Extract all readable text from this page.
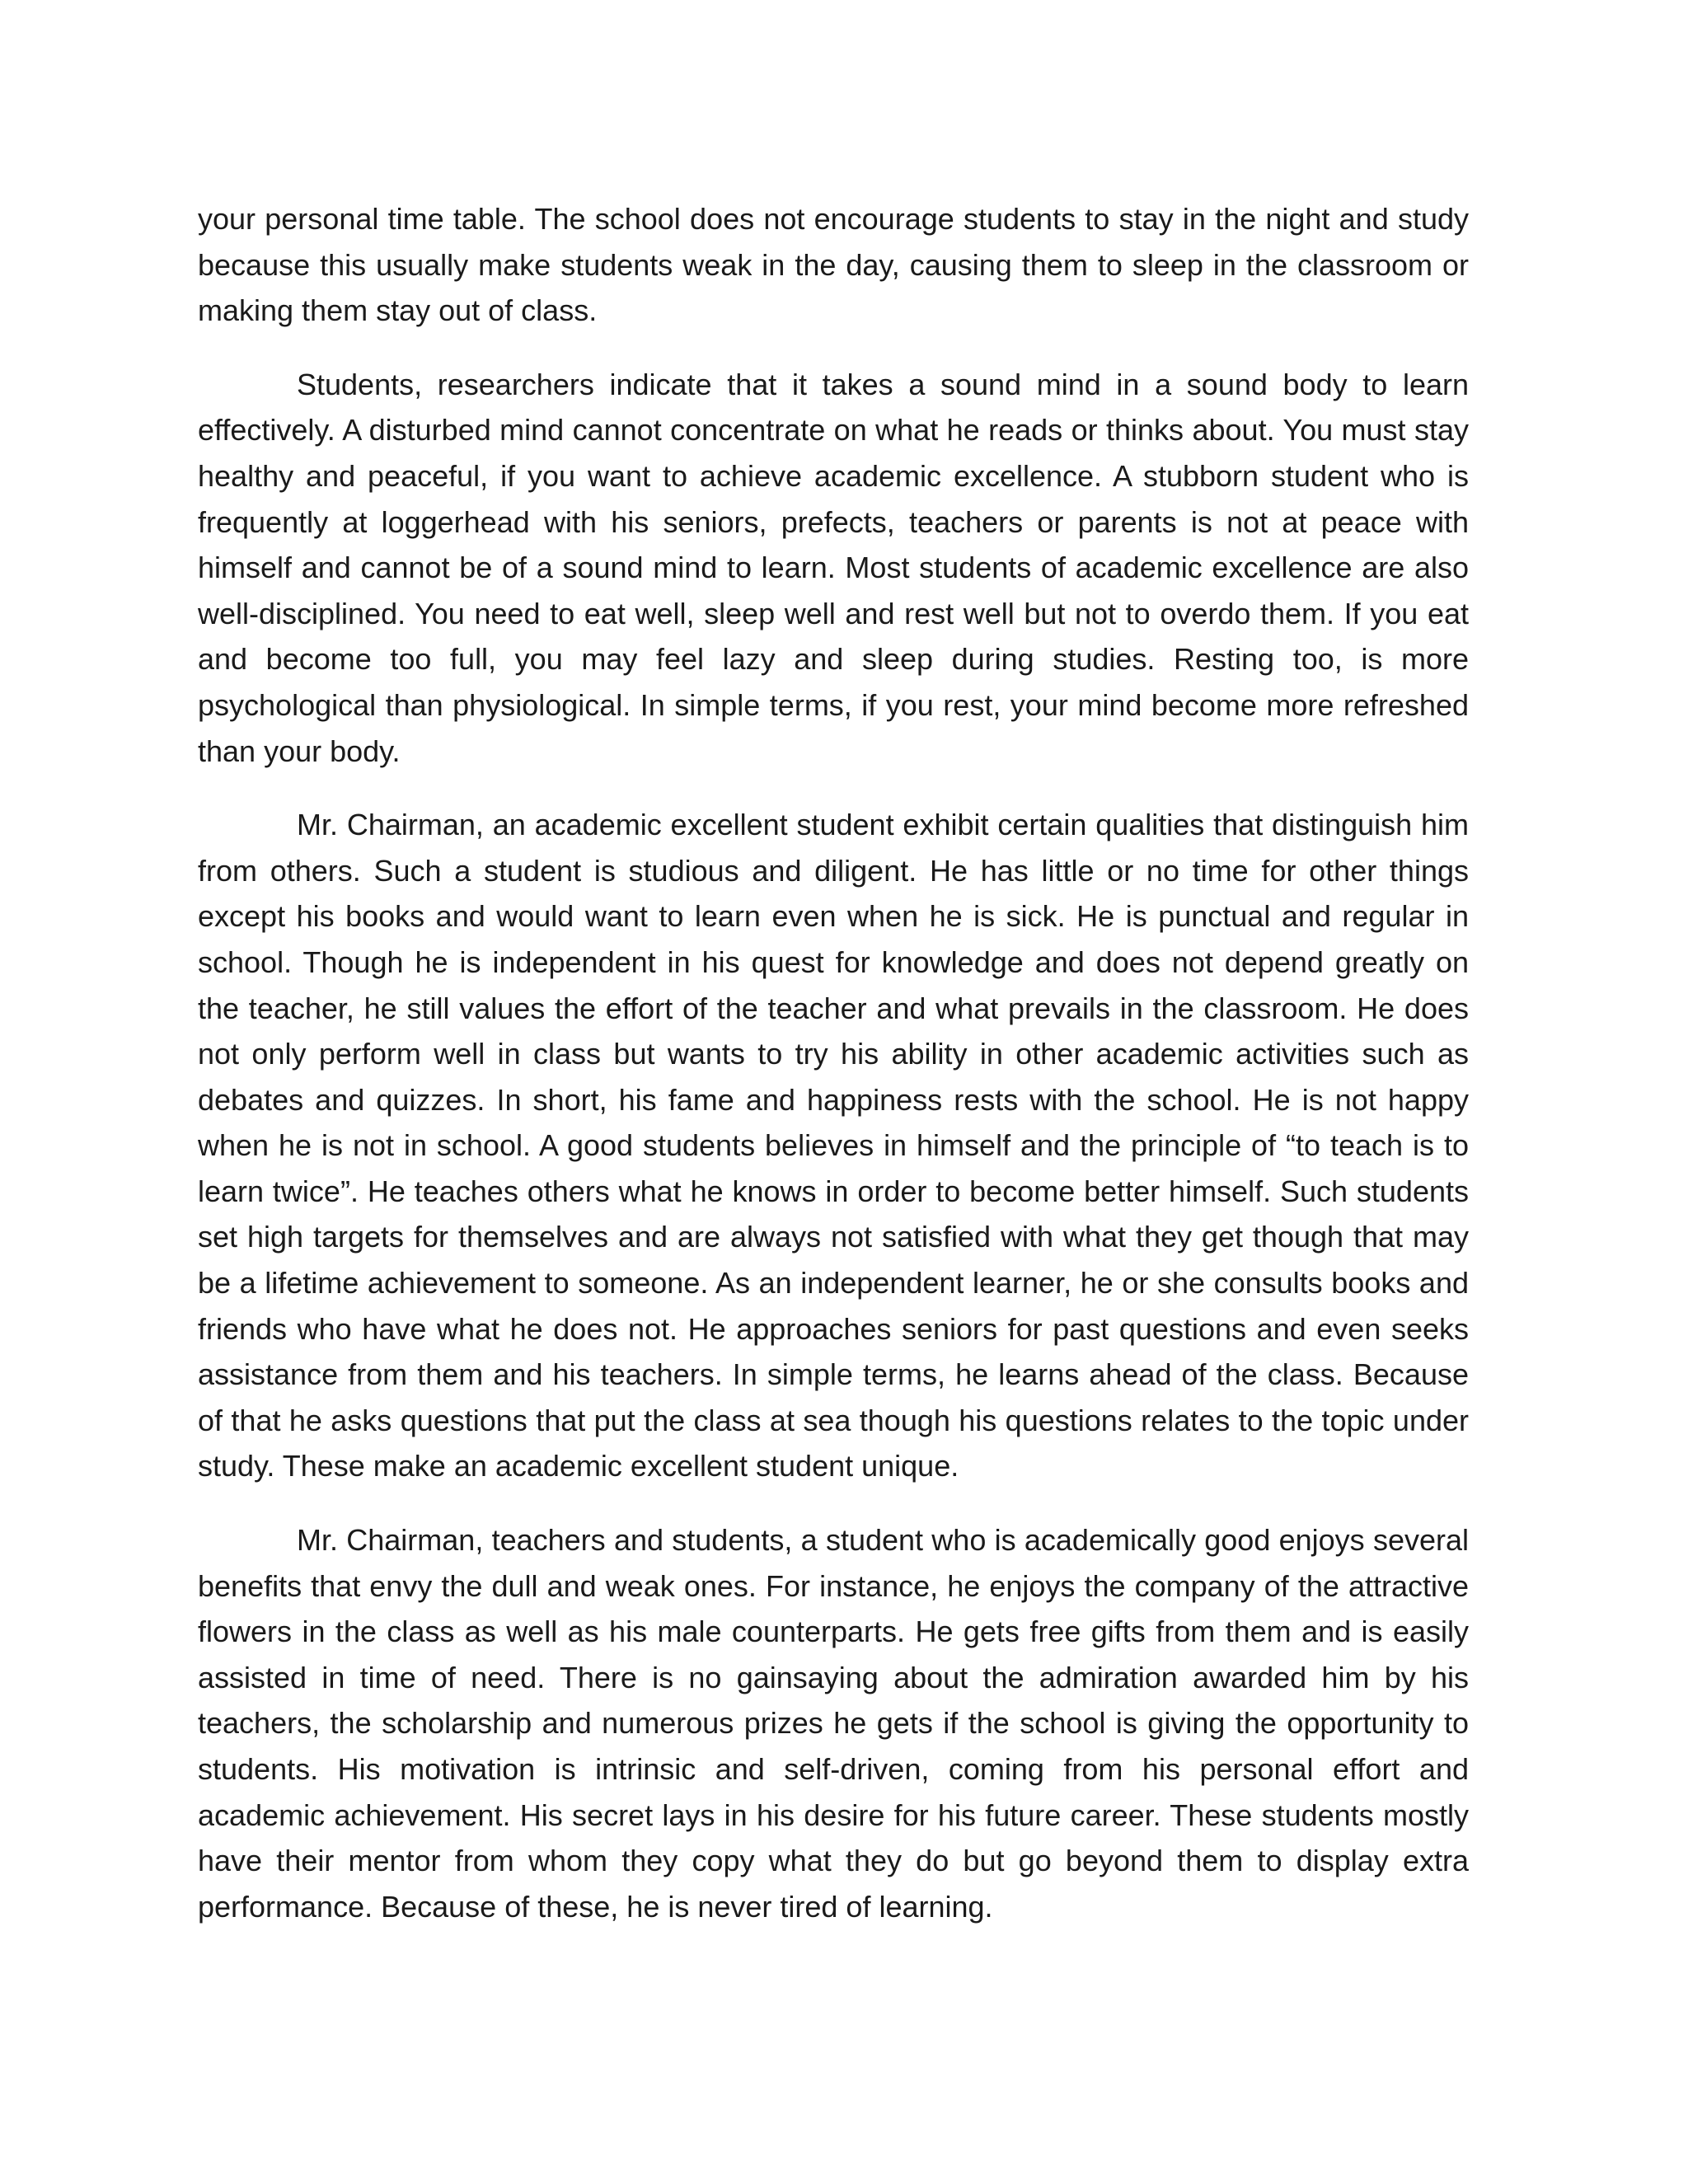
your personal time table. The school does not encourage students to stay in the night and study because this usually make students weak in the day, causing them to sleep in the classroom or making them stay out of class.

Students, researchers indicate that it takes a sound mind in a sound body to learn effectively. A disturbed mind cannot concentrate on what he reads or thinks about. You must stay healthy and peaceful, if you want to achieve academic excellence. A stubborn student who is frequently at loggerhead with his seniors, prefects, teachers or parents is not at peace with himself and cannot be of a sound mind to learn. Most students of academic excellence are also well-disciplined. You need to eat well, sleep well and rest well but not to overdo them. If you eat and become too full, you may feel lazy and sleep during studies. Resting too, is more psychological than physiological. In simple terms, if you rest, your mind become more refreshed than your body.

Mr. Chairman, an academic excellent student exhibit certain qualities that distinguish him from others. Such a student is studious and diligent. He has little or no time for other things except his books and would want to learn even when he is sick. He is punctual and regular in school. Though he is independent in his quest for knowledge and does not depend greatly on the teacher, he still values the effort of the teacher and what prevails in the classroom. He does not only perform well in class but wants to try his ability in other academic activities such as debates and quizzes. In short, his fame and happiness rests with the school. He is not happy when he is not in school. A good students believes in himself and the principle of “to teach is to learn twice”. He teaches others what he knows in order to become better himself. Such students set high targets for themselves and are always not satisfied with what they get though that may be a lifetime achievement to someone. As an independent learner, he or she consults books and friends who have what he does not. He approaches seniors for past questions and even seeks assistance from them and his teachers. In simple terms, he learns ahead of the class. Because of that he asks questions that put the class at sea though his questions relates to the topic under study. These make an academic excellent student unique.

Mr. Chairman, teachers and students, a student who is academically good enjoys several benefits that envy the dull and weak ones. For instance, he enjoys the company of the attractive flowers in the class as well as his male counterparts. He gets free gifts from them and is easily assisted in time of need. There is no gainsaying about the admiration awarded him by his teachers, the scholarship and numerous prizes he gets if the school is giving the opportunity to students. His motivation is intrinsic and self-driven, coming from his personal effort and academic achievement. His secret lays in his desire for his future career. These students mostly have their mentor from whom they copy what they do but go beyond them to display extra performance. Because of these, he is never tired of learning.
